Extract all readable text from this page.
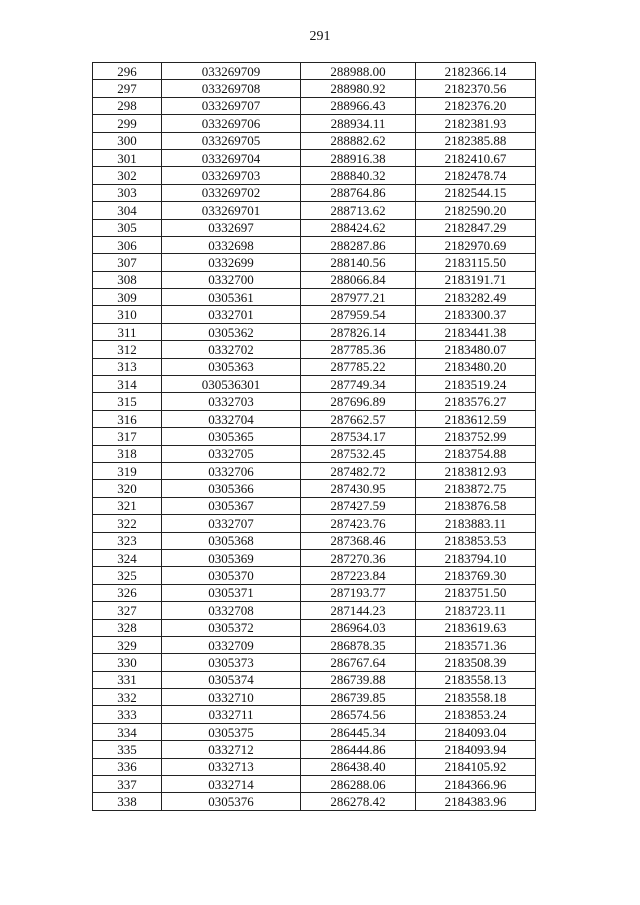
291
296	033269709	288988.00	2182366.14
297	033269708	288980.92	2182370.56
298	033269707	288966.43	2182376.20
299	033269706	288934.11	2182381.93
300	033269705	288882.62	2182385.88
301	033269704	288916.38	2182410.67
302	033269703	288840.32	2182478.74
303	033269702	288764.86	2182544.15
304	033269701	288713.62	2182590.20
305	0332697	288424.62	2182847.29
306	0332698	288287.86	2182970.69
307	0332699	288140.56	2183115.50
308	0332700	288066.84	2183191.71
309	0305361	287977.21	2183282.49
310	0332701	287959.54	2183300.37
311	0305362	287826.14	2183441.38
312	0332702	287785.36	2183480.07
313	0305363	287785.22	2183480.20
314	030536301	287749.34	2183519.24
315	0332703	287696.89	2183576.27
316	0332704	287662.57	2183612.59
317	0305365	287534.17	2183752.99
318	0332705	287532.45	2183754.88
319	0332706	287482.72	2183812.93
320	0305366	287430.95	2183872.75
321	0305367	287427.59	2183876.58
322	0332707	287423.76	2183883.11
323	0305368	287368.46	2183853.53
324	0305369	287270.36	2183794.10
325	0305370	287223.84	2183769.30
326	0305371	287193.77	2183751.50
327	0332708	287144.23	2183723.11
328	0305372	286964.03	2183619.63
329	0332709	286878.35	2183571.36
330	0305373	286767.64	2183508.39
331	0305374	286739.88	2183558.13
332	0332710	286739.85	2183558.18
333	0332711	286574.56	2183853.24
334	0305375	286445.34	2184093.04
335	0332712	286444.86	2184093.94
336	0332713	286438.40	2184105.92
337	0332714	286288.06	2184366.96
338	0305376	286278.42	2184383.96
